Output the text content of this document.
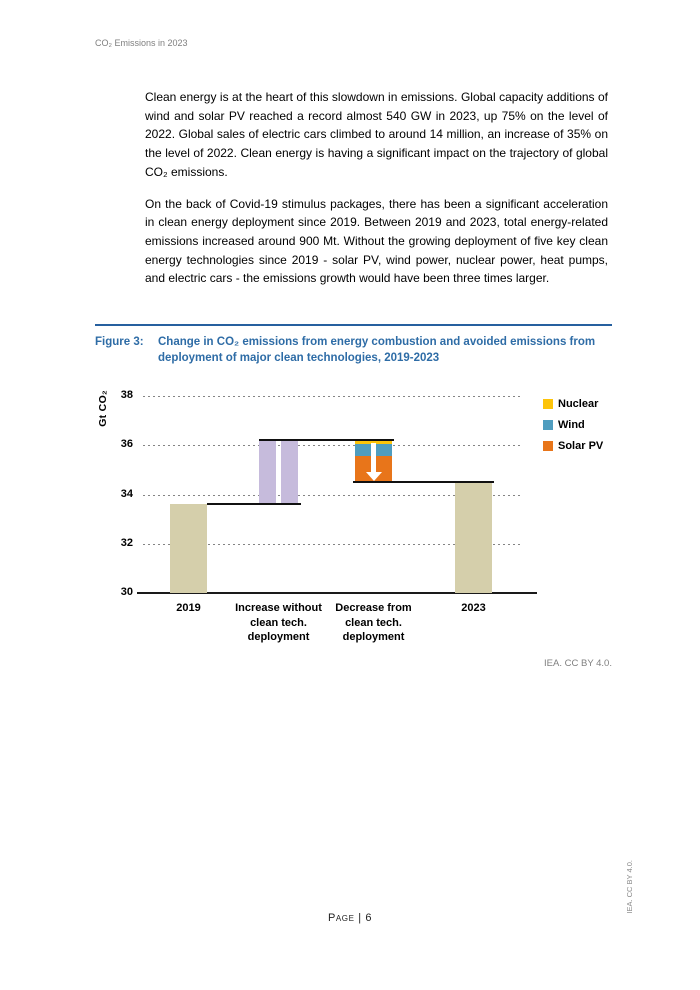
CO₂ Emissions in 2023

Clean energy is at the heart of this slowdown in emissions. Global capacity additions of wind and solar PV reached a record almost 540 GW in 2023, up 75% on the level of 2022. Global sales of electric cars climbed to around 14 million, an increase of 35% on the level of 2022. Clean energy is having a significant impact on the trajectory of global CO₂ emissions.

On the back of Covid-19 stimulus packages, there has been a significant acceleration in clean energy deployment since 2019. Between 2019 and 2023, total energy-related emissions increased around 900 Mt. Without the growing deployment of five key clean energy technologies since 2019 - solar PV, wind power, nuclear power, heat pumps, and electric cars - the emissions growth would have been three times larger.

Figure 3:	Change in CO₂ emissions from energy combustion and avoided emissions from deployment of major clean technologies, 2019-2023
Gt CO₂
30
32
34
36
38
2019	Increase without
clean tech.
deployment
Decrease from
clean tech.
deployment
2023
Nuclear
Wind
Solar PV
IEA. CC BY 4.0.
Page | 6
IEA. CC BY 4.0.
